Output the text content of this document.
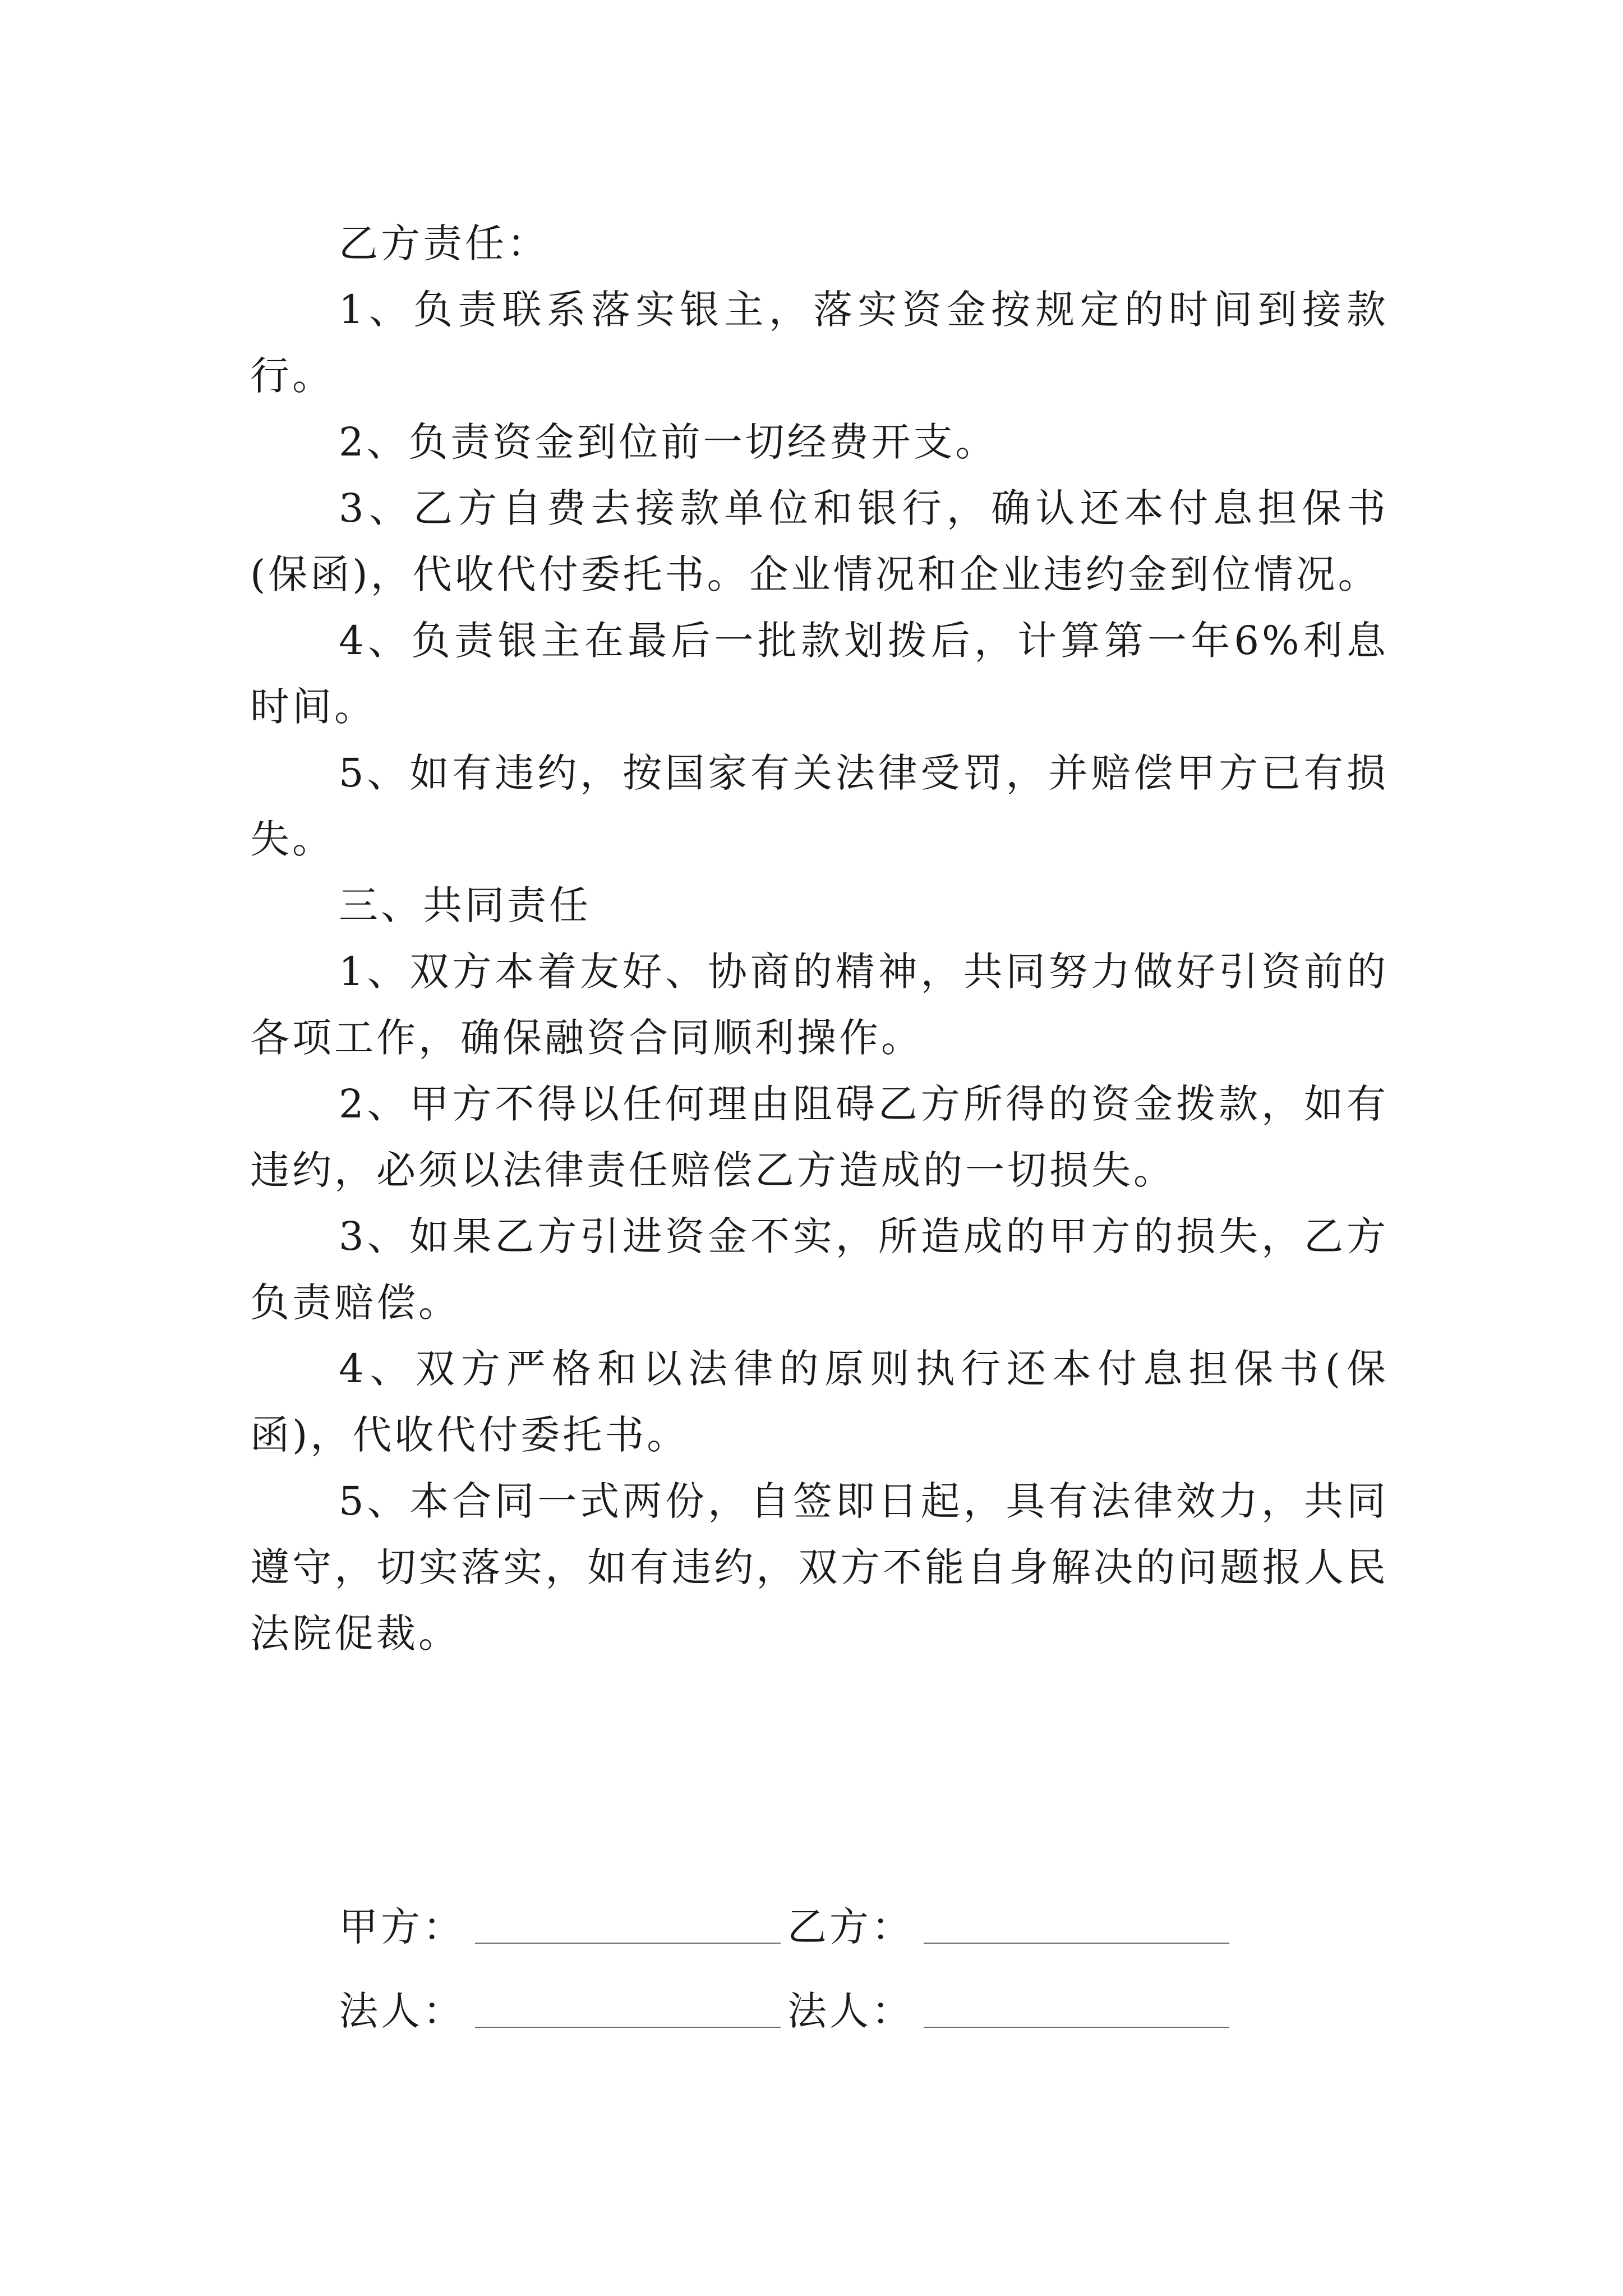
乙方责任：

1、负责联系落实银主，落实资金按规定的时间到接款行。

2、负责资金到位前一切经费开支。

3、乙方自费去接款单位和银行，确认还本付息担保书(保函)，代收代付委托书。企业情况和企业违约金到位情况。

4、负责银主在最后一批款划拨后，计算第一年6%利息时间。

5、如有违约，按国家有关法律受罚，并赔偿甲方已有损失。

三、共同责任

1、双方本着友好、协商的精神，共同努力做好引资前的各项工作，确保融资合同顺利操作。

2、甲方不得以任何理由阻碍乙方所得的资金拨款，如有违约，必须以法律责任赔偿乙方造成的一切损失。

3、如果乙方引进资金不实，所造成的甲方的损失，乙方负责赔偿。

4、双方严格和以法律的原则执行还本付息担保书(保函)，代收代付委托书。

5、本合同一式两份，自签即日起，具有法律效力，共同遵守，切实落实，如有违约，双方不能自身解决的问题报人民法院促裁。

甲方：	乙方：
法人：	法人：
